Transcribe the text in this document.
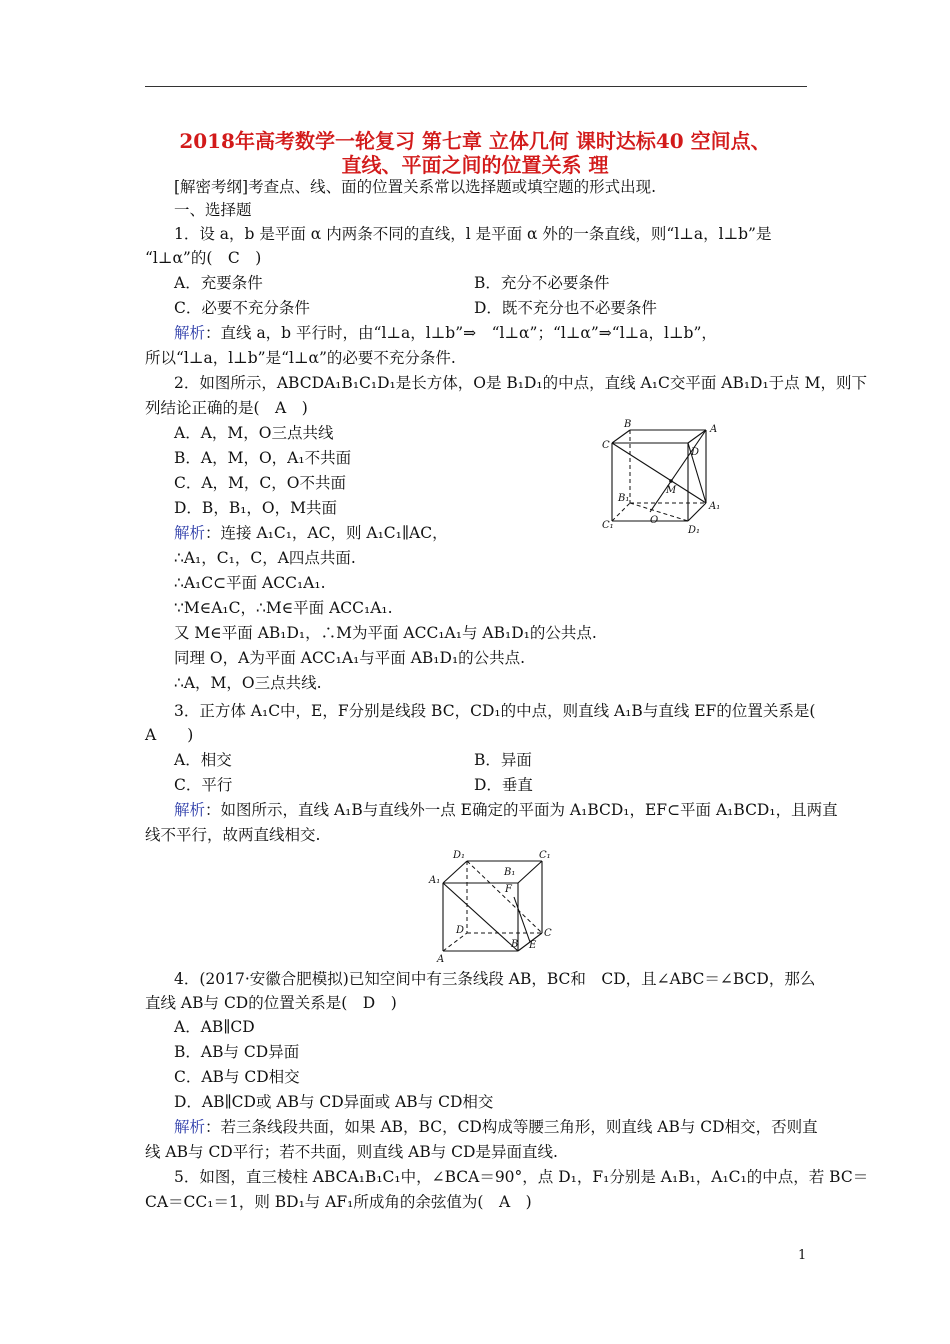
2018年高考数学一轮复习 第七章 立体几何 课时达标40 空间点、
直线、平面之间的位置关系 理
[解密考纲]考查点、线、面的位置关系常以选择题或填空题的形式出现.
一、选择题
1．设 a，b 是平面 α 内两条不同的直线，l 是平面 α 外的一条直线，则“l⊥a，l⊥b”是
“l⊥α”的(　C　)
A．充要条件	B．充分不必要条件
C．必要不充分条件	D．既不充分也不必要条件
解析：直线 a，b 平行时，由“l⊥a，l⊥b”⇒　“l⊥α”；“l⊥α”⇒“l⊥a，l⊥b”，
所以“l⊥a，l⊥b”是“l⊥α”的必要不充分条件.
2．如图所示，ABCDA₁B₁C₁D₁是长方体，O是 B₁D₁的中点，直线 A₁C交平面 AB₁D₁于点 M，则下
列结论正确的是(　A　)
A．A，M，O三点共线
B．A，M，O，A₁不共面
C．A，M，C，O不共面
D．B，B₁，O，M共面
解析：连接 A₁C₁，AC，则 A₁C₁∥AC，
∴A₁，C₁，C，A四点共面.
∴A₁C⊂平面 ACC₁A₁.
∵M∈A₁C，∴M∈平面 ACC₁A₁.
又 M∈平面 AB₁D₁，∴M为平面 ACC₁A₁与 AB₁D₁的公共点.
同理 O，A为平面 ACC₁A₁与平面 AB₁D₁的公共点.
∴A，M，O三点共线.
B	A
C
D
M
B₁
A₁
O
C₁	D₁
3．正方体 A₁C中，E，F分别是线段 BC，CD₁的中点，则直线 A₁B与直线 EF的位置关系是(
A　　)
A．相交	B．异面
C．平行	D．垂直
解析：如图所示，直线 A₁B与直线外一点 E确定的平面为 A₁BCD₁，EF⊂平面 A₁BCD₁，且两直
线不平行，故两直线相交.
D₁
B₁
C₁
A₁
F
D	C
B E
A
4．(2017·安徽合肥模拟)已知空间中有三条线段 AB，BC和　CD，且∠ABC＝∠BCD，那么
直线 AB与 CD的位置关系是(　D　)
A．AB∥CD
B．AB与 CD异面
C．AB与 CD相交
D．AB∥CD或 AB与 CD异面或 AB与 CD相交
解析：若三条线段共面，如果 AB，BC，CD构成等腰三角形，则直线 AB与 CD相交，否则直
线 AB与 CD平行；若不共面，则直线 AB与 CD是异面直线.
5．如图，直三棱柱 ABCA₁B₁C₁中，∠BCA＝90°，点 D₁，F₁分别是 A₁B₁，A₁C₁的中点，若 BC＝
CA＝CC₁＝1，则 BD₁与 AF₁所成角的余弦值为(　A　)
1
